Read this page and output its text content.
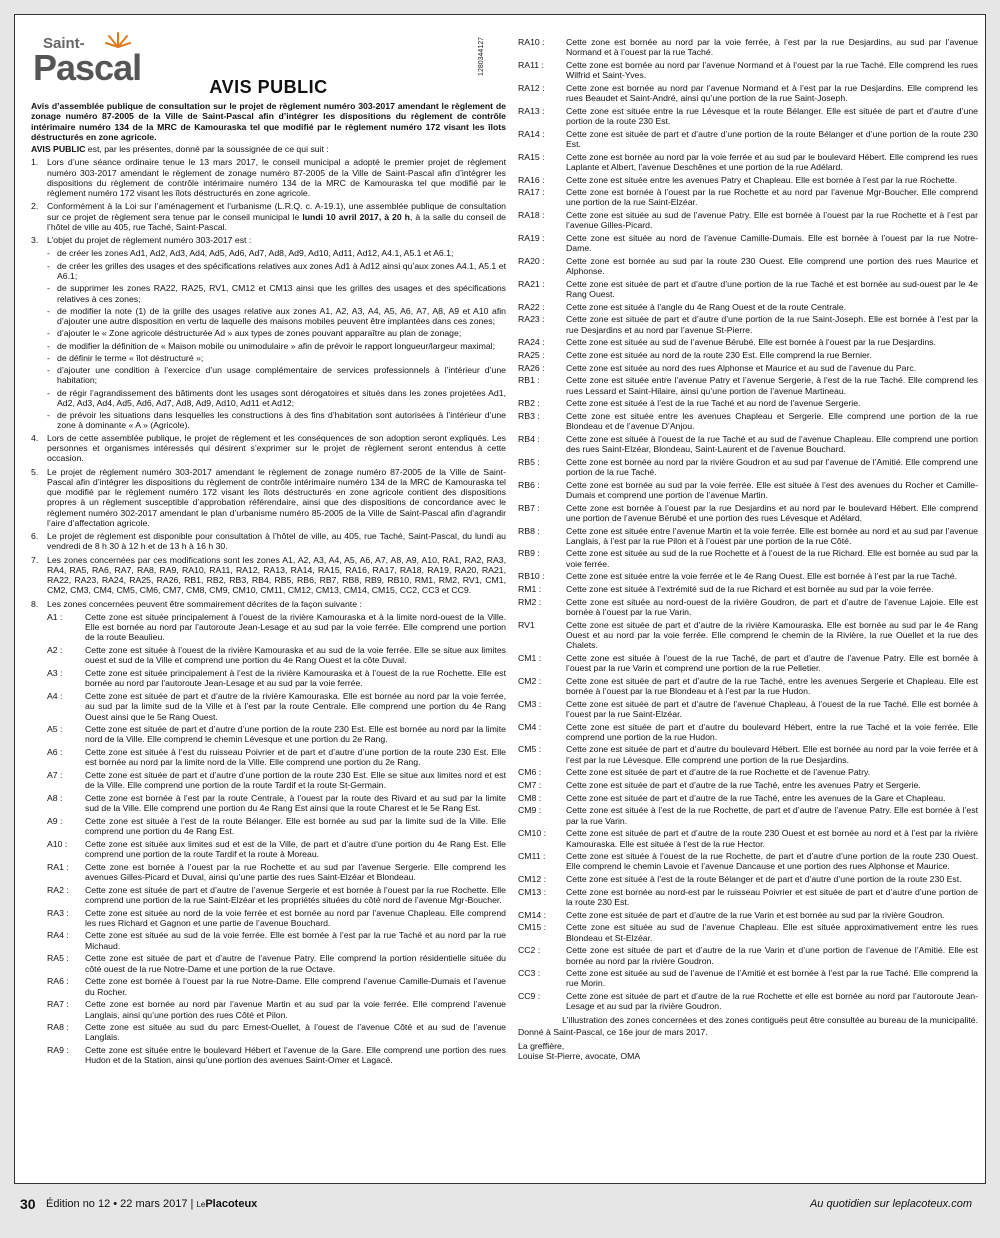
Saint-
Pascal	1280344127
AVIS PUBLIC

Avis d’assemblée publique de consultation sur le projet de règlement numéro 303-2017 amendant le règlement de zonage numéro 87-2005 de la Ville de Saint-Pascal afin d’intégrer les dispositions du règlement de contrôle intérimaire numéro 134 de la MRC de Kamouraska tel que modifié par le règlement numéro 172 visant les îlots déstructurés en zone agricole.

AVIS PUBLIC est, par les présentes, donné par la soussignée de ce qui suit :

1.	Lors d’une séance ordinaire tenue le 13 mars 2017, le conseil municipal a adopté le premier projet de règlement numéro 303-2017 amendant le règlement de zonage numéro 87-2005 de la Ville de Saint-Pascal afin d’intégrer les dispositions du règlement de contrôle intérimaire numéro 134 de la MRC de Kamouraska tel que modifié par le règlement numéro 172 visant les îlots déstructurés en zone agricole.
2.	Conformément à la Loi sur l’aménagement et l’urbanisme (L.R.Q. c. A-19.1), une assemblée publique de consultation sur ce projet de règlement sera tenue par le conseil municipal le lundi 10 avril 2017, à 20 h, à la salle du conseil de l’hôtel de ville au 405, rue Taché, Saint-Pascal.
3.	L’objet du projet de règlement numéro 303-2017 est :
- de créer les zones Ad1, Ad2, Ad3, Ad4, Ad5, Ad6, Ad7, Ad8, Ad9, Ad10, Ad11, Ad12, A4.1, A5.1 et A6.1;
- de créer les grilles des usages et des spécifications relatives aux zones Ad1 à Ad12 ainsi qu’aux zones A4.1, A5.1 et A6.1;
- de supprimer les zones RA22, RA25, RV1, CM12 et CM13 ainsi que les grilles des usages et des spécifications relatives à ces zones;
- de modifier la note (1) de la grille des usages relative aux zones A1, A2, A3, A4, A5, A6, A7, A8, A9 et A10 afin d’ajouter une autre disposition en vertu de laquelle des maisons mobiles peuvent être implantées dans ces zones;
- d’ajouter le « Zone agricole déstructurée Ad » aux types de zones pouvant apparaître au plan de zonage;
- de modifier la définition de « Maison mobile ou unimodulaire » afin de prévoir le rapport longueur/largeur maximal;
- de définir le terme « îlot déstructuré »;
- d’ajouter une condition à l’exercice d’un usage complémentaire de services professionnels à l’intérieur d’une habitation;
- de régir l’agrandissement des bâtiments dont les usages sont dérogatoires et situés dans les zones projetées Ad1, Ad2, Ad3, Ad4, Ad5, Ad6, Ad7, Ad8, Ad9, Ad10, Ad11 et Ad12;
- de prévoir les situations dans lesquelles les constructions à des fins d’habitation sont autorisées à l’intérieur d’une zone à dominante « A » (Agricole).
4.	Lors de cette assemblée publique, le projet de règlement et les conséquences de son adoption seront expliqués. Les personnes et organismes intéressés qui désirent s’exprimer sur le projet de règlement seront entendus à cette occasion.
5.	Le projet de règlement numéro 303-2017 amendant le règlement de zonage numéro 87-2005 de la Ville de Saint-Pascal afin d’intégrer les dispositions du règlement de contrôle intérimaire numéro 134 de la MRC de Kamouraska tel que modifié par le règlement numéro 172 visant les îlots déstructurés en zone agricole contient des dispositions propres à un règlement susceptible d’approbation référendaire, ainsi que des dispositions de concordance avec le règlement numéro 302-2017 amendant le plan d’urbanisme numéro 85-2005 de la Ville de Saint-Pascal afin d’agrandir l’aire d’affectation agricole.
6.	Le projet de règlement est disponible pour consultation à l’hôtel de ville, au 405, rue Taché, Saint-Pascal, du lundi au vendredi de 8 h 30 à 12 h et de 13 h à 16 h 30.
7.	Les zones concernées par ces modifications sont les zones A1, A2, A3, A4, A5, A6, A7, A8, A9, A10, RA1, RA2, RA3, RA4, RA5, RA6, RA7, RA8, RA9, RA10, RA11, RA12, RA13, RA14, RA15, RA16, RA17, RA18, RA19, RA20, RA21, RA22, RA23, RA24, RA25, RA26, RB1, RB2, RB3, RB4, RB5, RB6, RB7, RB8, RB9, RB10, RM1, RM2, RV1, CM1, CM2, CM3, CM4, CM5, CM6, CM7, CM8, CM9, CM10, CM11, CM12, CM13, CM14, CM15, CC2, CC3 et CC9.
8.	Les zones concernées peuvent être sommairement décrites de la façon suivante :
A1 :	Cette zone est située principalement à l’ouest de la rivière Kamouraska et à la limite nord-ouest de la Ville. Elle est bornée au nord par l’autoroute Jean-Lesage et au sud par la voie ferrée. Elle comprend une portion de la route Beaulieu.
A2 :	Cette zone est située à l’ouest de la rivière Kamouraska et au sud de la voie ferrée. Elle se situe aux limites ouest et sud de la Ville et comprend une portion du 4e Rang Ouest et la côte Duval.
A3 :	Cette zone est située principalement à l’est de la rivière Kamouraska et à l’ouest de la rue Rochette. Elle est bornée au nord par l’autoroute Jean-Lesage et au sud par la voie ferrée.
A4 :	Cette zone est située de part et d’autre de la rivière Kamouraska. Elle est bornée au nord par la voie ferrée, au sud par la limite sud de la Ville et à l’est par la route Centrale. Elle comprend une portion du 4e Rang Ouest ainsi que le 5e Rang Ouest.
A5 :	Cette zone est située de part et d’autre d’une portion de la route 230 Est. Elle est bornée au nord par la limite nord de la Ville. Elle comprend le chemin Lévesque et une portion du 2e Rang.
A6 :	Cette zone est située à l’est du ruisseau Poivrier et de part et d’autre d’une portion de la route 230 Est. Elle est bornée au nord par la limite nord de la Ville. Elle comprend une portion du 2e Rang.
A7 :	Cette zone est située de part et d’autre d’une portion de la route 230 Est. Elle se situe aux limites nord et est de la Ville. Elle comprend une portion de la route Tardif et la route St-Germain.
A8 :	Cette zone est bornée à l’est par la route Centrale, à l’ouest par la route des Rivard et au sud par la limite sud de la Ville. Elle comprend une portion du 4e Rang Est ainsi que la route Charest et le 5e Rang Est.
A9 :	Cette zone est située à l’est de la route Bélanger. Elle est bornée au sud par la limite sud de la Ville. Elle comprend une portion du 4e Rang Est.
A10 :	Cette zone est située aux limites sud et est de la Ville, de part et d’autre d’une portion du 4e Rang Est. Elle comprend une portion de la route Tardif et la route à Moreau.
RA1 :	Cette zone est bornée à l’ouest par la rue Rochette et au sud par l’avenue Sergerie. Elle comprend les avenues Gilles-Picard et Duval, ainsi qu’une partie des rues Saint-Elzéar et Blondeau.
RA2 :	Cette zone est située de part et d’autre de l’avenue Sergerie et est bornée à l’ouest par la rue Rochette. Elle comprend une portion de la rue Saint-Elzéar et les propriétés situées du côté nord de l’avenue Mgr-Boucher.
RA3 :	Cette zone est située au nord de la voie ferrée et est bornée au nord par l’avenue Chapleau. Elle comprend les rues Richard et Gagnon et une partie de l’avenue Bouchard.
RA4 :	Cette zone est située au sud de la voie ferrée. Elle est bornée à l’est par la rue Taché et au nord par la rue Michaud.
RA5 :	Cette zone est située de part et d’autre de l’avenue Patry. Elle comprend la portion résidentielle située du côté ouest de la rue Notre-Dame et une portion de la rue Octave.
RA6 :	Cette zone est bornée à l’ouest par la rue Notre-Dame. Elle comprend l’avenue Camille-Dumais et l’avenue du Rocher.
RA7 :	Cette zone est bornée au nord par l’avenue Martin et au sud par la voie ferrée. Elle comprend l’avenue Langlais, ainsi qu’une portion des rues Côté et Pilon.
RA8 :	Cette zone est située au sud du parc Ernest-Ouellet, à l’ouest de l’avenue Côté et au sud de l’avenue Langlais.
RA9 :	Cette zone est située entre le boulevard Hébert et l’avenue de la Gare. Elle comprend une portion des rues Hudon et de la Station, ainsi qu’une portion des avenues Saint-Omer et Lagacé.
RA10 :	Cette zone est bornée au nord par la voie ferrée, à l’est par la rue Desjardins, au sud par l’avenue Normand et à l’ouest par la rue Taché.
RA11 :	Cette zone est bornée au nord par l’avenue Normand et à l’ouest par la rue Taché. Elle comprend les rues Wilfrid et Saint-Yves.
RA12 :	Cette zone est bornée au nord par l’avenue Normand et à l’est par la rue Desjardins. Elle comprend les rues Beaudet et Saint-André, ainsi qu’une portion de la rue Saint-Joseph.
RA13 :	Cette zone est située entre la rue Lévesque et la route Bélanger. Elle est située de part et d’autre d’une portion de la route 230 Est.
RA14 :	Cette zone est située de part et d’autre d’une portion de la route Bélanger et d’une portion de la route 230 Est.
RA15 :	Cette zone est bornée au nord par la voie ferrée et au sud par le boulevard Hébert. Elle comprend les rues Laplante et Albert, l’avenue Deschênes et une portion de la rue Adélard.
RA16 :	Cette zone est située entre les avenues Patry et Chapleau. Elle est bornée à l’est par la rue Rochette.
RA17 :	Cette zone est bornée à l’ouest par la rue Rochette et au nord par l’avenue Mgr-Boucher. Elle comprend une portion de la rue Saint-Elzéar.
RA18 :	Cette zone est située au sud de l’avenue Patry. Elle est bornée à l’ouest par la rue Rochette et à l’est par l’avenue Gilles-Picard.
RA19 :	Cette zone est située au nord de l’avenue Camille-Dumais. Elle est bornée à l’ouest par la rue Notre-Dame.
RA20 :	Cette zone est bornée au sud par la route 230 Ouest. Elle comprend une portion des rues Maurice et Alphonse.
RA21 :	Cette zone est située de part et d’autre d’une portion de la rue Taché et est bornée au sud-ouest par le 4e Rang Ouest.
RA22 :	Cette zone est située à l’angle du 4e Rang Ouest et de la route Centrale.
RA23 :	Cette zone est située de part et d’autre d’une portion de la rue Saint-Joseph. Elle est bornée à l’est par la rue Desjardins et au nord par l’avenue St-Pierre.
RA24 :	Cette zone est située au sud de l’avenue Bérubé. Elle est bornée à l’ouest par la rue Desjardins.
RA25 :	Cette zone est située au nord de la route 230 Est. Elle comprend la rue Bernier.
RA26 :	Cette zone est située au nord des rues Alphonse et Maurice et au sud de l’avenue du Parc.
RB1 :	Cette zone est située entre l’avenue Patry et l’avenue Sergerie, à l’est de la rue Taché. Elle comprend les rues Lessard et Saint-Hilaire, ainsi qu’une portion de l’avenue Martineau.
RB2 :	Cette zone est située à l’est de la rue Taché et au nord de l’avenue Sergerie.
RB3 :	Cette zone est située entre les avenues Chapleau et Sergerie. Elle comprend une portion de la rue Blondeau et de l’avenue D’Anjou.
RB4 :	Cette zone est située à l’ouest de la rue Taché et au sud de l’avenue Chapleau. Elle comprend une portion des rues Saint-Elzéar, Blondeau, Saint-Laurent et de l’avenue Bouchard.
RB5 :	Cette zone est bornée au nord par la rivière Goudron et au sud par l’avenue de l’Amitié. Elle comprend une portion de la rue Taché.
RB6 :	Cette zone est bornée au sud par la voie ferrée. Elle est située à l’est des avenues du Rocher et Camille-Dumais et comprend une portion de l’avenue Martin.
RB7 :	Cette zone est bornée à l’ouest par la rue Desjardins et au nord par le boulevard Hébert. Elle comprend une portion de l’avenue Bérubé et une portion des rues Lévesque et Adélard.
RB8 :	Cette zone est située entre l’avenue Martin et la voie ferrée. Elle est bornée au nord et au sud par l’avenue Langlais, à l’est par la rue Pilon et à l’ouest par une portion de la rue Côté.
RB9 :	Cette zone est située au sud de la rue Rochette et à l’ouest de la rue Richard. Elle est bornée au sud par la voie ferrée.
RB10 :	Cette zone est située entre la voie ferrée et le 4e Rang Ouest. Elle est bornée à l’est par la rue Taché.
RM1 :	Cette zone est située à l’extrémité sud de la rue Richard et est bornée au sud par la voie ferrée.
RM2 :	Cette zone est située au nord-ouest de la rivière Goudron, de part et d’autre de l’avenue Lajoie. Elle est bornée à l’ouest par la rue Varin.
RV1	Cette zone est située de part et d’autre de la rivière Kamouraska. Elle est bornée au sud par le 4e Rang Ouest et au nord par la voie ferrée. Elle comprend le chemin de la Rivière, la rue Ouellet et la rue des Chalets.
CM1 :	Cette zone est située à l’ouest de la rue Taché, de part et d’autre de l’avenue Patry. Elle est bornée à l’ouest par la rue Varin et comprend une portion de la rue Pelletier.
CM2 :	Cette zone est située de part et d’autre de la rue Taché, entre les avenues Sergerie et Chapleau. Elle est bornée à l’ouest par la rue Blondeau et à l’est par la rue Hudon.
CM3 :	Cette zone est située de part et d’autre de l’avenue Chapleau, à l’ouest de la rue Taché. Elle est bornée à l’ouest par la rue Saint-Elzéar.
CM4 :	Cette zone est située de part et d’autre du boulevard Hébert, entre la rue Taché et la voie ferrée. Elle comprend une portion de la rue Hudon.
CM5 :	Cette zone est située de part et d’autre du boulevard Hébert. Elle est bornée au nord par la voie ferrée et à l’est par la rue Lévesque. Elle comprend une portion de la rue Desjardins.
CM6 :	Cette zone est située de part et d’autre de la rue Rochette et de l’avenue Patry.
CM7 :	Cette zone est située de part et d’autre de la rue Taché, entre les avenues Patry et Sergerie.
CM8 :	Cette zone est située de part et d’autre de la rue Taché, entre les avenues de la Gare et Chapleau.
CM9 :	Cette zone est située à l’est de la rue Rochette, de part et d’autre de l’avenue Patry. Elle est bornée à l’est par la rue Varin.
CM10 :	Cette zone est située de part et d’autre de la route 230 Ouest et est bornée au nord et à l’est par la rivière Kamouraska. Elle est située à l’est de la rue Hector.
CM11 :	Cette zone est située à l’ouest de la rue Rochette, de part et d’autre d’une portion de la route 230 Ouest. Elle comprend le chemin Lavoie et l’avenue Dancause et une portion des rues Alphonse et Maurice.
CM12 :	Cette zone est située à l’est de la route Bélanger et de part et d’autre d’une portion de la route 230 Est.
CM13 :	Cette zone est bornée au nord-est par le ruisseau Poivrier et est située de part et d’autre d’une portion de la route 230 Est.
CM14 :	Cette zone est située de part et d’autre de la rue Varin et est bornée au sud par la rivière Goudron.
CM15 :	Cette zone est située au sud de l’avenue Chapleau. Elle est située approximativement entre les rues Blondeau et St-Elzéar.
CC2 :	Cette zone est située de part et d’autre de la rue Varin et d’une portion de l’avenue de l’Amitié. Elle est bornée au nord par la rivière Goudron.
CC3 :	Cette zone est située au sud de l’avenue de l’Amitié et est bornée à l’est par la rue Taché. Elle comprend la rue Morin.
CC9 :	Cette zone est située de part et d’autre de la rue Rochette et elle est bornée au nord par l’autoroute Jean-Lesage et au sud par la rivière Goudron.

L’illustration des zones concernées et des zones contiguës peut être consultée au bureau de la municipalité.

Donné à Saint-Pascal, ce 16e jour de mars 2017.
La greffière,
Louise St-Pierre, avocate, OMA
30 Édition no 12 • 22 mars 2017 | LePlacoteux	Au quotidien sur leplacoteux.com
